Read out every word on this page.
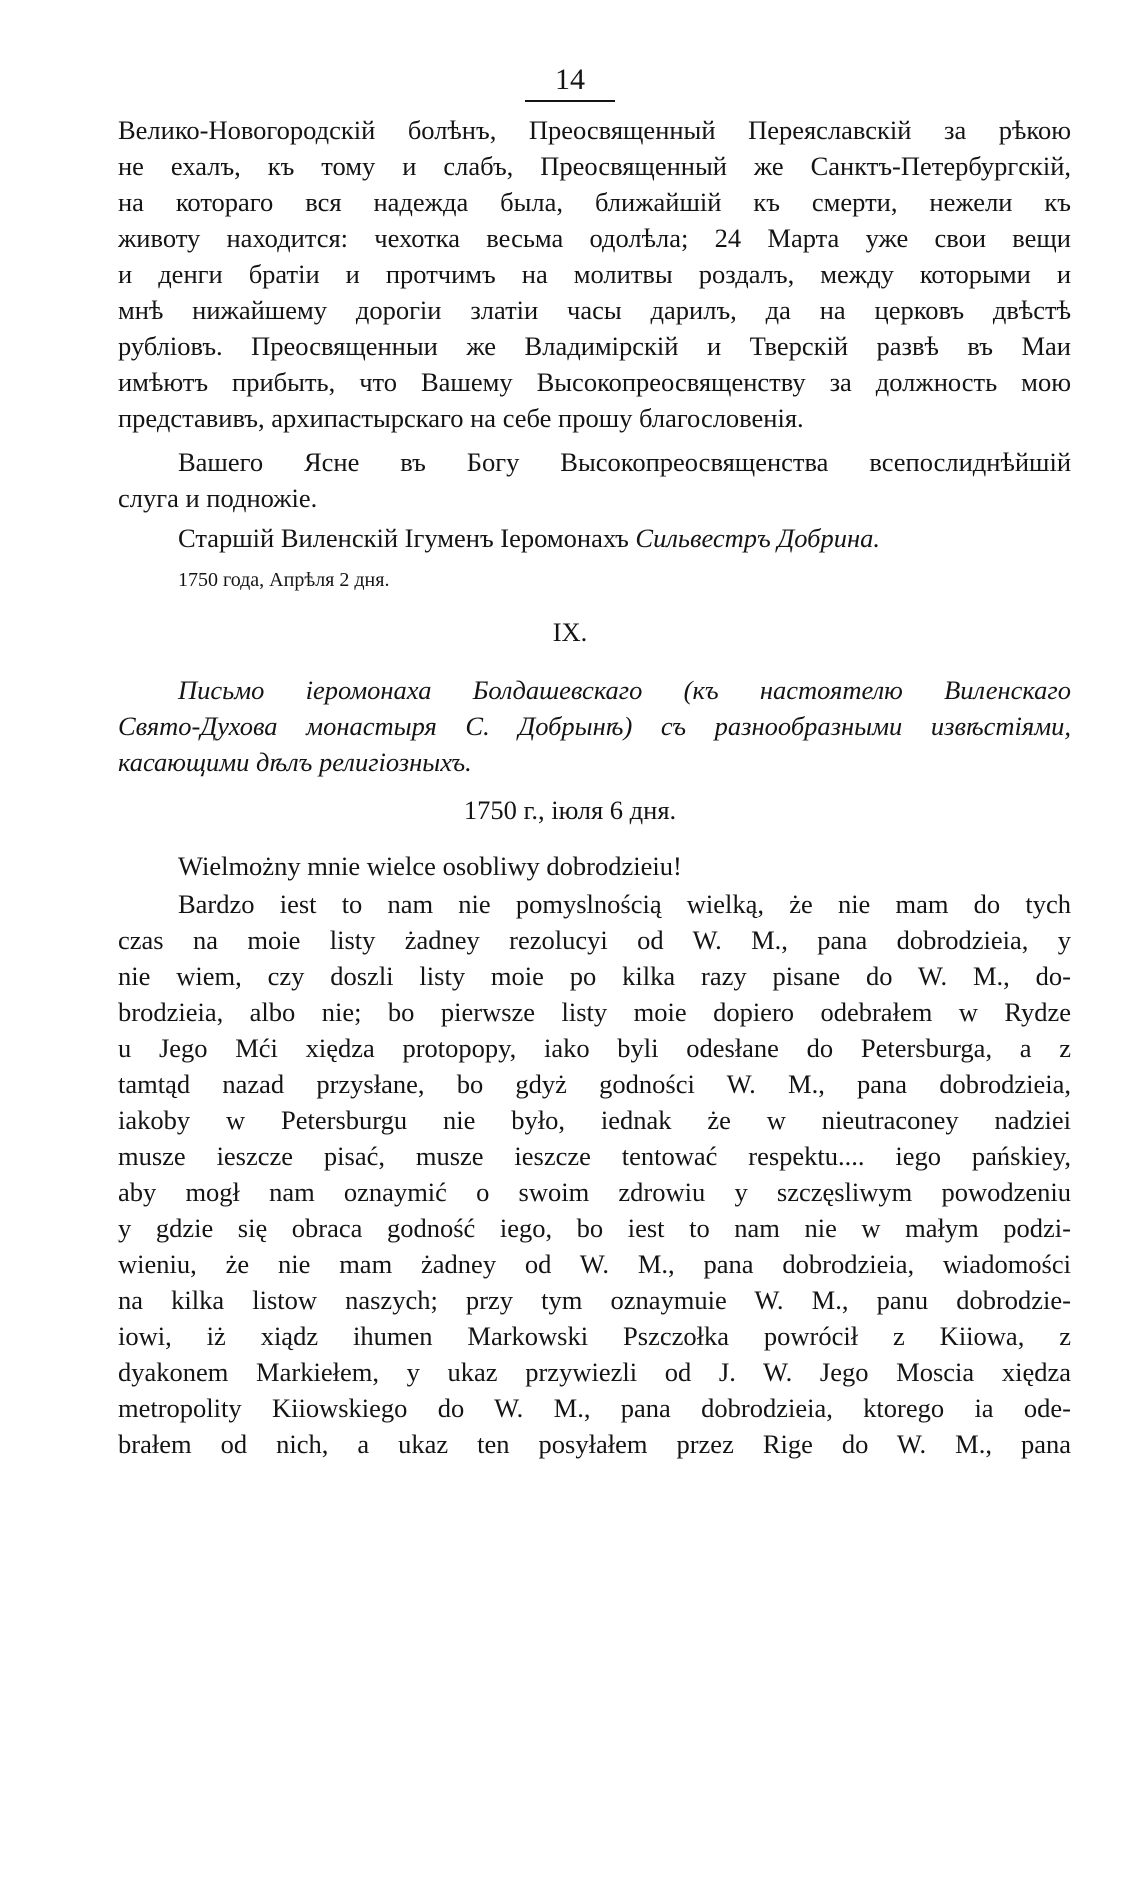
14
Велико-Новогородскій болѣнъ, Преосвященный Переяславскій за рѣкою
не ехалъ, къ тому и слабъ, Преосвященный же Санктъ-Петербургскій,
на котораго вся надежда была, ближайшій къ смерти, нежели къ
животу находится: чехотка весьма одолѣла; 24 Марта уже свои вещи
и денги братіи и протчимъ на молитвы роздалъ, между которыми и
мнѣ нижайшему дорогіи златіи часы дарилъ, да на церковъ двѣстѣ
рублiовъ. Преосвященныи же Владимірскій и Тверскій развѣ въ Маи
имѣютъ прибыть, что Вашему Высокопреосвященству за должность мою
представивъ, архипастырскаго на себе прошу благословенія.
Вашего Ясне въ Богу Высокопреосвященства всепослиднѣйшій
слуга и подножіе.
Старшій Виленскій Ігуменъ Іеромонахъ Сильвестръ Добрина.
1750 года, Апрѣля 2 дня.
IX.
Письмо іеромонаха Болдашевскаго (къ настоятелю Виленскаго
Свято-Духова монастыря С. Добрынѣ) съ разнообразными извѣстіями,
касающими дѣлъ религіозныхъ.
1750 г., іюля 6 дня.
Wielmożny mnie wielce osobliwy dobrodzieiu!
Bardzo iest to nam nie pomyslnością wielką, że nie mam do tych
czas na moie listy żadney rezolucyi od W. M., pana dobrodzieia, y
nie wiem, czy doszli listy moie po kilka razy pisane do W. M., do-
brodzieia, albo nie; bo pierwsze listy moie dopiero odebrałem w Rydze
u Jego Mći xiędza protopopy, iako byli odesłane do Petersburga, a z
tamtąd nazad przysłane, bo gdyż godności W. M., pana dobrodzieia,
iakoby w Petersburgu nie było, iednak że w nieutraconey nadziei
musze ieszcze pisać, musze ieszcze tentować respektu.... iego pańskiey,
aby mogł nam oznaymić o swoim zdrowiu y szczęsliwym powodzeniu
y gdzie się obraca godność iego, bo iest to nam nie w małym podzi-
wieniu, że nie mam żadney od W. M., pana dobrodzieia, wiadomości
na kilka listow naszych; przy tym oznaymuie W. M., panu dobrodzie-
iowi, iż xiądz ihumen Markowski Pszczołka powrócił z Kiiowa, z
dyakonem Markiełem, y ukaz przywiezli od J. W. Jego Moscia xiędza
metropolity Kiiowskiego do W. M., pana dobrodzieia, ktorego ia ode-
brałem od nich, a ukaz ten posyłałem przez Rige do W. M., pana
